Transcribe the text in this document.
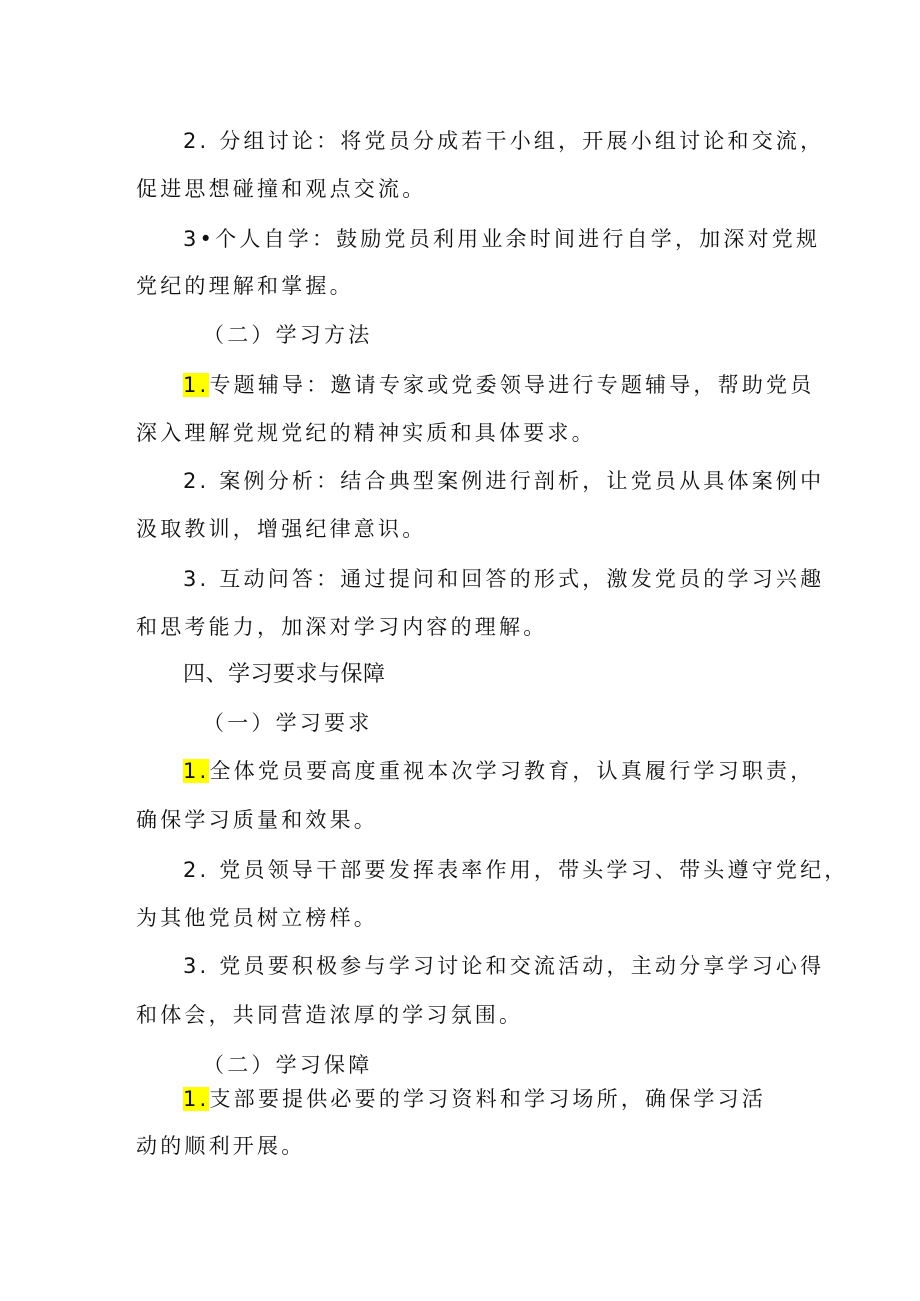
2. 分组讨论：将党员分成若干小组，开展小组讨论和交流，
促进思想碰撞和观点交流。
3•个人自学：鼓励党员利用业余时间进行自学，加深对党规
党纪的理解和掌握。
（二）学习方法
1.专题辅导：邀请专家或党委领导进行专题辅导，帮助党员
深入理解党规党纪的精神实质和具体要求。
2. 案例分析：结合典型案例进行剖析，让党员从具体案例中
汲取教训，增强纪律意识。
3. 互动问答：通过提问和回答的形式，激发党员的学习兴趣
和思考能力，加深对学习内容的理解。
四、学习要求与保障
（一）学习要求
1.全体党员要高度重视本次学习教育，认真履行学习职责，
确保学习质量和效果。
2. 党员领导干部要发挥表率作用，带头学习、带头遵守党纪，
为其他党员树立榜样。
3. 党员要积极参与学习讨论和交流活动，主动分享学习心得
和体会，共同营造浓厚的学习氛围。
（二）学习保障
1.支部要提供必要的学习资料和学习场所，确保学习活
动的顺利开展。
